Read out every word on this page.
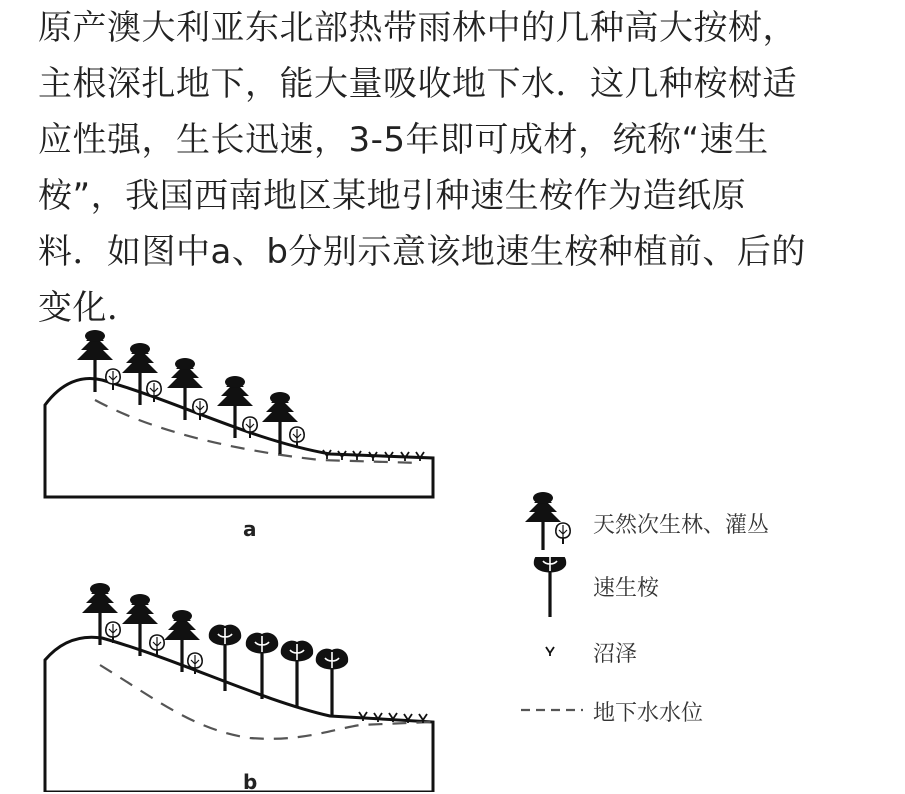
原产澳大利亚东北部热带雨林中的几种高大按树，

主根深扎地下，能大量吸收地下水．这几种桉树适

应性强，生长迅速，3-5年即可成材，统称“速生

桉”，我国西南地区某地引种速生桉作为造纸原

料．如图中a、b分别示意该地速生桉种植前、后的

变化．

a
b
天然次生林、灌丛
速生桉
沼泽
地下水水位
